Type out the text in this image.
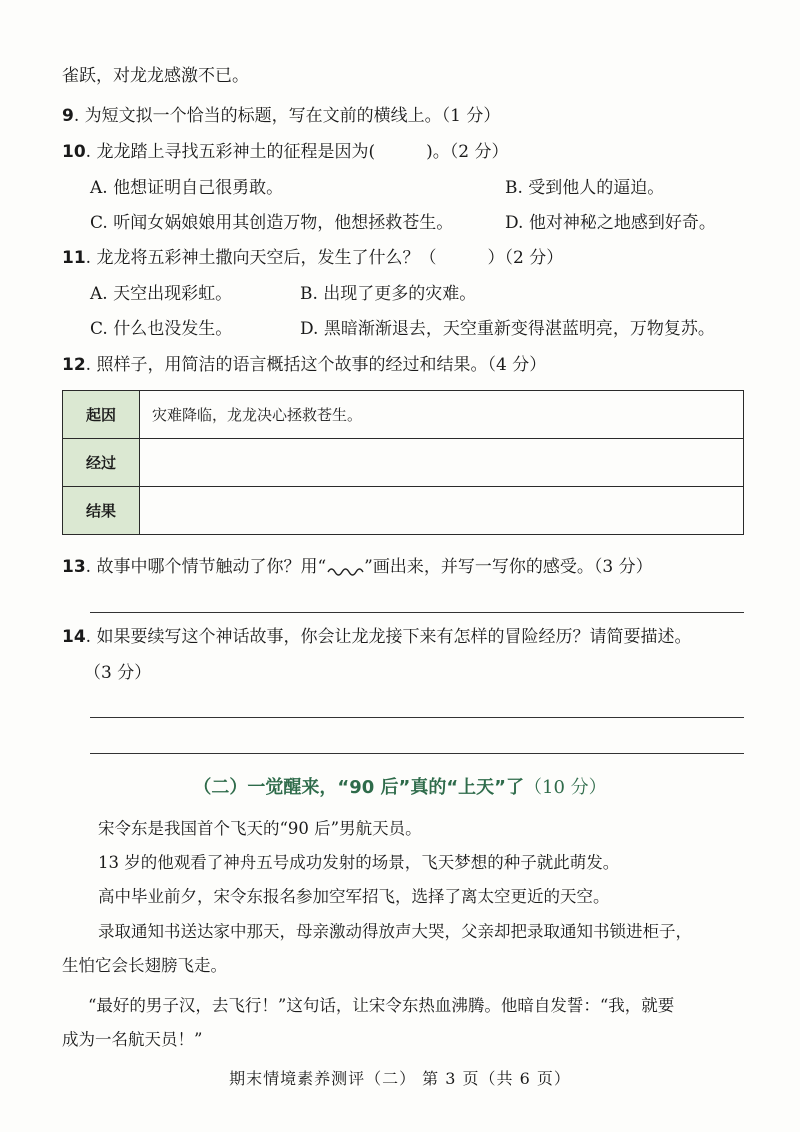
雀跃，对龙龙感激不已。
9. 为短文拟一个恰当的标题，写在文前的横线上。（1 分）
10. 龙龙踏上寻找五彩神土的征程是因为(　　　)。（2 分）
A. 他想证明自己很勇敢。	B. 受到他人的逼迫。
C. 听闻女娲娘娘用其创造万物，他想拯救苍生。	D. 他对神秘之地感到好奇。
11. 龙龙将五彩神土撒向天空后，发生了什么？（　　　）（2 分）
A. 天空出现彩虹。	B. 出现了更多的灾难。
C. 什么也没发生。	D. 黑暗渐渐退去，天空重新变得湛蓝明亮，万物复苏。
12. 照样子，用简洁的语言概括这个故事的经过和结果。（4 分）
起因	灾难降临，龙龙决心拯救苍生。
经过	
结果	
13. 故事中哪个情节触动了你？用“ ”画出来，并写一写你的感受。（3 分）
14. 如果要续写这个神话故事，你会让龙龙接下来有怎样的冒险经历？请简要描述。
（3 分）
（二）一觉醒来，“90 后”真的“上天”了（10 分）
宋令东是我国首个飞天的“90 后”男航天员。
13 岁的他观看了神舟五号成功发射的场景，飞天梦想的种子就此萌发。
高中毕业前夕，宋令东报名参加空军招飞，选择了离太空更近的天空。
录取通知书送达家中那天，母亲激动得放声大哭，父亲却把录取通知书锁进柜子，
生怕它会长翅膀飞走。
“最好的男子汉，去飞行！”这句话，让宋令东热血沸腾。他暗自发誓：“我，就要
成为一名航天员！”
期末情境素养测评（二） 第 3 页（共 6 页）
